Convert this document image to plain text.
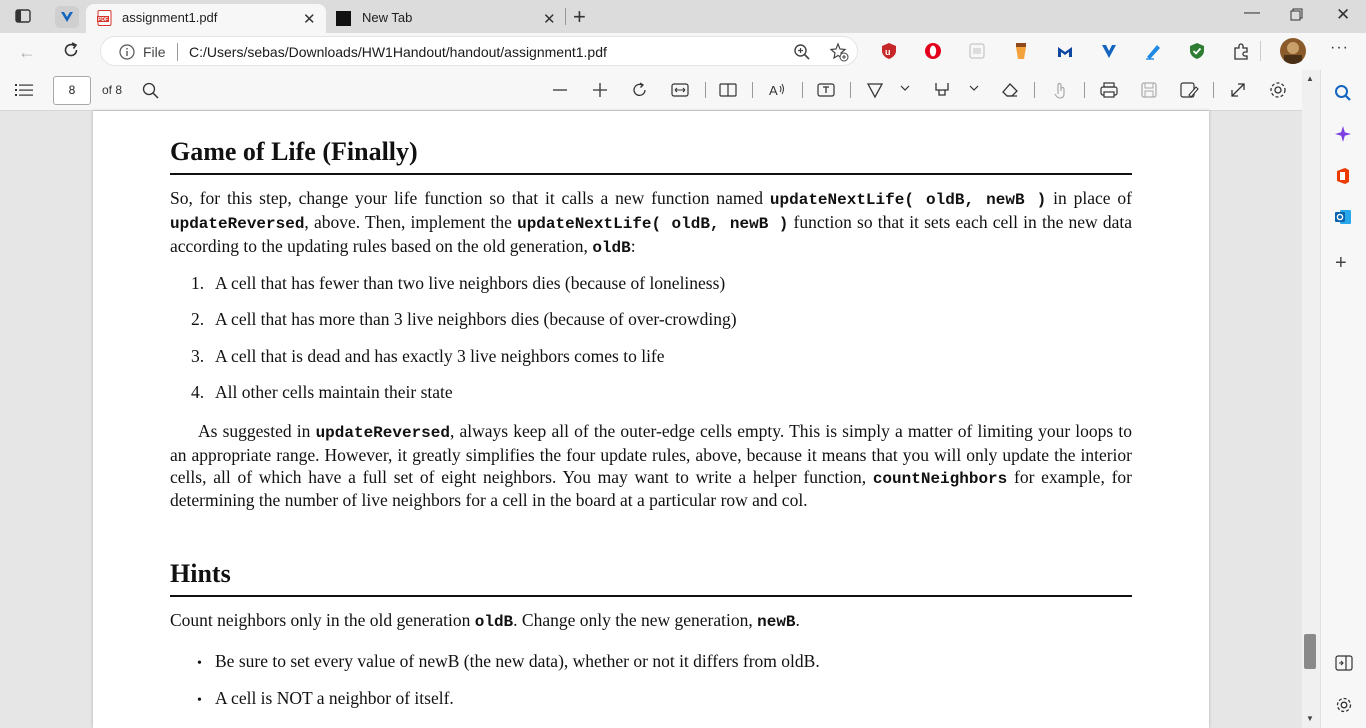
PDF assignment1.pdf	✕	New Tab	✕ +	—	✕
←	File C:/Users/sebas/Downloads/HW1Handout/handout/assignment1.pdf	u	···
8	of 8	A
Game of Life (Finally)
So, for this step, change your life function so that it calls a new function named updateNextLife( oldB, newB ) in place of updateReversed, above. Then, implement the updateNextLife( oldB, newB ) function so that it sets each cell in the new data according to the updating rules based on the old generation, oldB:
1. A cell that has fewer than two live neighbors dies (because of loneliness)
2. A cell that has more than 3 live neighbors dies (because of over-crowding)
3. A cell that is dead and has exactly 3 live neighbors comes to life
4. All other cells maintain their state
As suggested in updateReversed, always keep all of the outer-edge cells empty. This is simply a matter of limiting your loops to an appropriate range. However, it greatly simplifies the four update rules, above, because it means that you will only update the interior cells, all of which have a full set of eight neighbors. You may want to write a helper function, countNeighbors for example, for determining the number of live neighbors for a cell in the board at a particular row and col.
Hints
Count neighbors only in the old generation oldB. Change only the new generation, newB.
• Be sure to set every value of newB (the new data), whether or not it differs from oldB.
• A cell is NOT a neighbor of itself.
▲
▼
+
